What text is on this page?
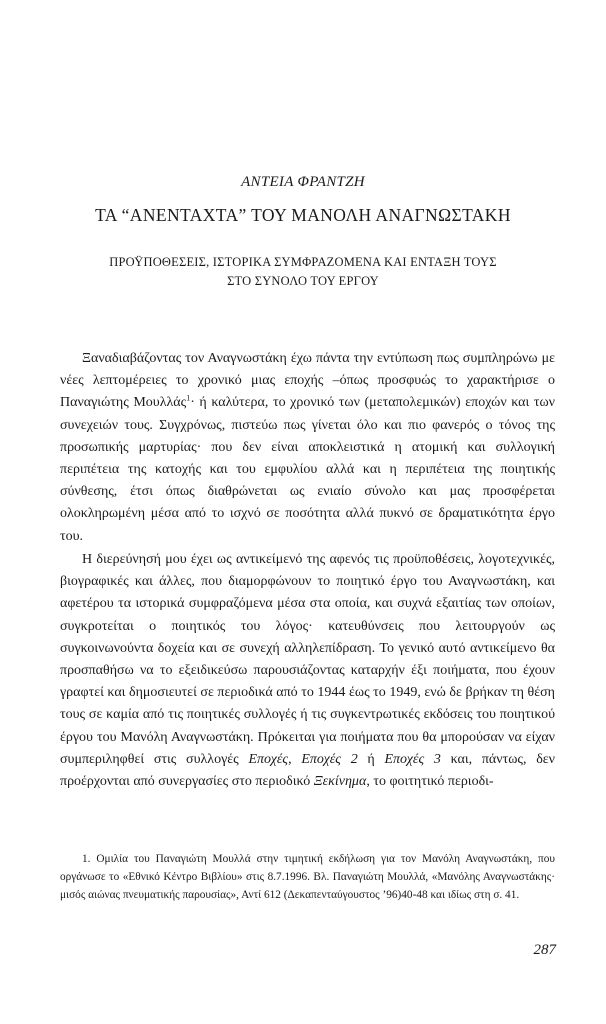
ΑΝΤΕΙΑ ΦΡΑΝΤΖΗ
ΤΑ “ΑΝΕΝΤΑΧΤΑ” ΤΟΥ ΜΑΝΟΛΗ ΑΝΑΓΝΩΣΤΑΚΗ
ΠΡΟΫΠΟΘΕΣΕΙΣ, ΙΣΤΟΡΙΚΑ ΣΥΜΦΡΑΖΟΜΕΝΑ ΚΑΙ ΕΝΤΑΞΗ ΤΟΥΣ
ΣΤΟ ΣΥΝΟΛΟ ΤΟΥ ΕΡΓΟΥ

Ξαναδιαβάζοντας τον Αναγνωστάκη έχω πάντα την εντύπωση πως συμπληρώνω με νέες λεπτομέρειες το χρονικό μιας εποχής –όπως προσφυώς το χαρακτήρισε ο Παναγιώτης Μουλλάς$^1$· ή καλύτερα, το χρονικό των (μεταπολεμικών) εποχών και των συνεχειών τους. Συγχρόνως, πιστεύω πως γίνεται όλο και πιο φανερός ο τόνος της προσωπικής μαρτυρίας· που δεν είναι αποκλειστικά η ατομική και συλλογική περιπέτεια της κατοχής και του εμφυλίου αλλά και η περιπέτεια της ποιητικής σύνθεσης, έτσι όπως διαθρώνεται ως ενιαίο σύνολο και μας προσφέρεται ολοκληρωμένη μέσα από το ισχνό σε ποσότητα αλλά πυκνό σε δραματικότητα έργο του.

Η διερεύνησή μου έχει ως αντικείμενό της αφενός τις προϋποθέσεις, λογοτεχνικές, βιογραφικές και άλλες, που διαμορφώνουν το ποιητικό έργο του Αναγνωστάκη, και αφετέρου τα ιστορικά συμφραζόμενα μέσα στα οποία, και συχνά εξαιτίας των οποίων, συγκροτείται ο ποιητικός του λόγος· κατευθύνσεις που λειτουργούν ως συγκοινωνούντα δοχεία και σε συνεχή αλληλεπίδραση. Το γενικό αυτό αντικείμενο θα προσπαθήσω να το εξειδικεύσω παρουσιάζοντας καταρχήν έξι ποιήματα, που έχουν γραφτεί και δημοσιευτεί σε περιοδικά από το 1944 έως το 1949, ενώ δε βρήκαν τη θέση τους σε καμία από τις ποιητικές συλλογές ή τις συγκεντρωτικές εκδόσεις του ποιητικού έργου του Μανόλη Αναγνωστάκη. Πρόκειται για ποιήματα που θα μπορούσαν να είχαν συμπεριληφθεί στις συλλογές Εποχές, Εποχές 2 ή Εποχές 3 και, πάντως, δεν προέρχονται από συνεργασίες στο περιοδικό Ξεκίνημα, το φοιτητικό περιοδι-

1. Ομιλία του Παναγιώτη Μουλλά στην τιμητική εκδήλωση για τον Μανόλη Αναγνωστάκη, που οργάνωσε το «Εθνικό Κέντρο Βιβλίου» στις 8.7.1996. Βλ. Παναγιώτη Μουλλά, «Μανόλης Αναγνωστάκης· μισός αιώνας πνευματικής παρουσίας», Αντί 612 (Δεκαπενταύγουστος ’96)40-48 και ιδίως στη σ. 41.

287
